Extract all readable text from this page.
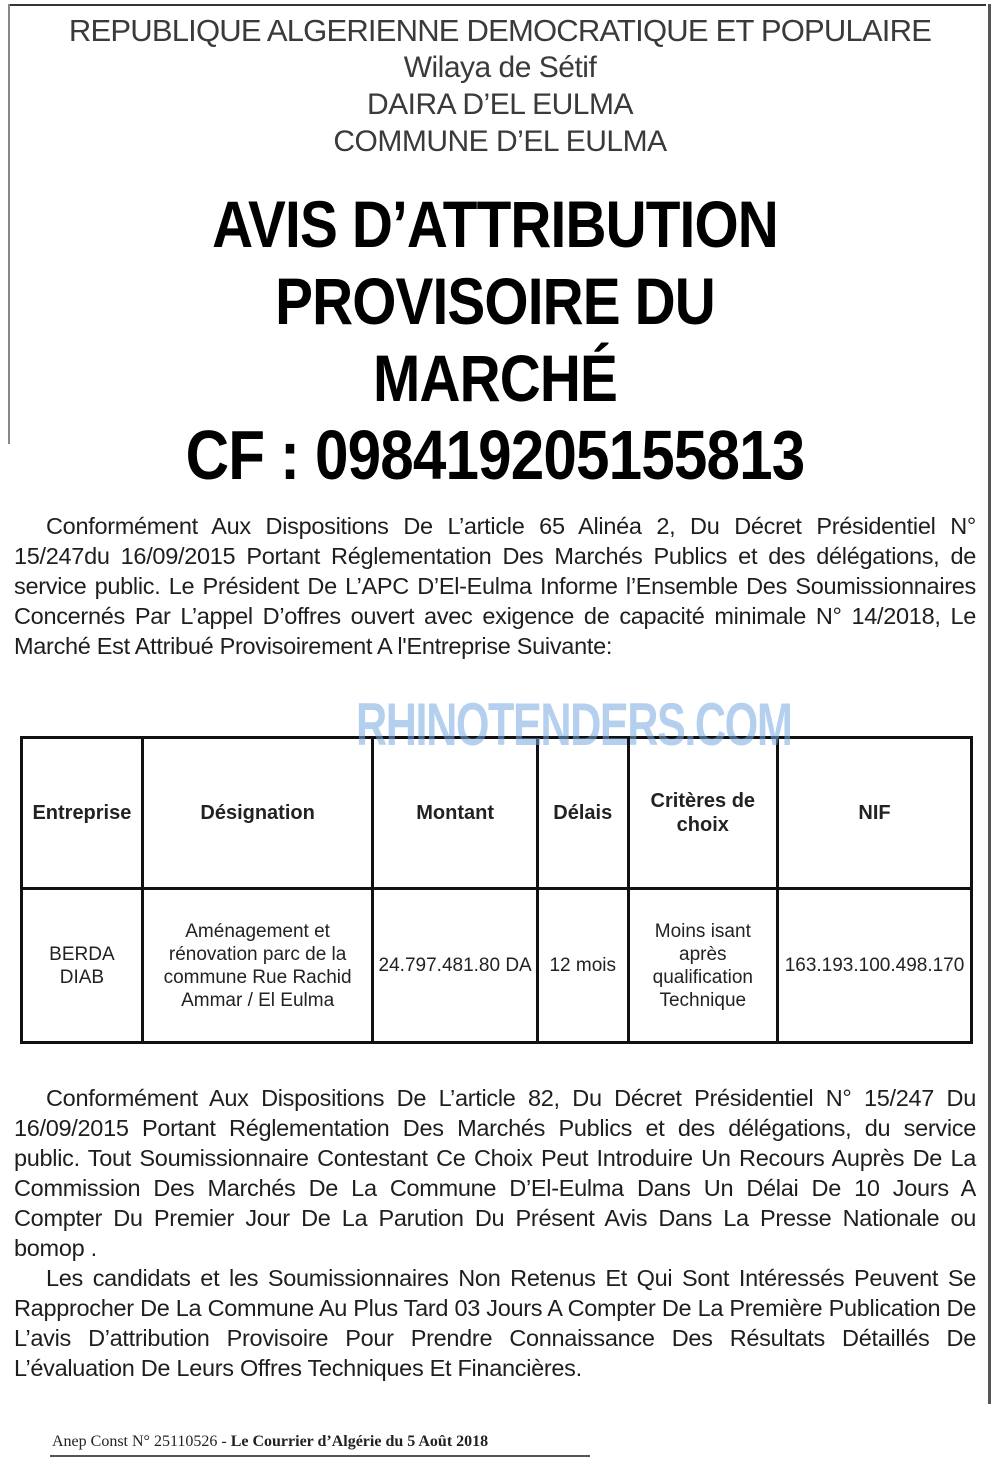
REPUBLIQUE ALGERIENNE DEMOCRATIQUE ET POPULAIRE
Wilaya de Sétif
DAIRA D’EL EULMA
COMMUNE D’EL EULMA
AVIS D’ATTRIBUTION PROVISOIRE DU
MARCHÉ
CF : 098419205155813
Conformément Aux Dispositions De L’article 65 Alinéa 2, Du Décret Présidentiel N° 15/247du 16/09/2015 Portant Réglementation Des Marchés Publics et des délégations, de service public. Le Président De L’APC D’El-Eulma Informe l’Ensemble Des Soumissionnaires Concernés Par L’appel D’offres ouvert avec exigence de capacité minimale N° 14/2018, Le Marché Est Attribué Provisoirement A l'Entreprise Suivante:
Entreprise	Désignation	Montant	Délais	Critères de choix	NIF
BERDA DIAB	Aménagement et rénovation parc de la commune Rue Rachid Ammar / El Eulma	24.797.481.80 DA	12 mois	Moins isant après qualification Technique	163.193.100.498.170
RHINOTENDERS.COM
Conformément Aux Dispositions De L’article 82, Du Décret Présidentiel N° 15/247 Du 16/09/2015 Portant Réglementation Des Marchés Publics et des délégations, du service public. Tout Soumissionnaire Contestant Ce Choix Peut Introduire Un Recours Auprès De La Commission Des Marchés De La Commune D’El-Eulma Dans Un Délai De 10 Jours A Compter Du Premier Jour De La Parution Du Présent Avis Dans La Presse Nationale ou bomop .
Les candidats et les Soumissionnaires Non Retenus Et Qui Sont Intéressés Peuvent Se Rapprocher De La Commune Au Plus Tard 03 Jours A Compter De La Première Publication De L’avis D’attribution Provisoire Pour Prendre Connaissance Des Résultats Détaillés De L’évaluation De Leurs Offres Techniques Et Financières.
Anep Const N° 25110526 - Le Courrier d’Algérie du 5 Août 2018
